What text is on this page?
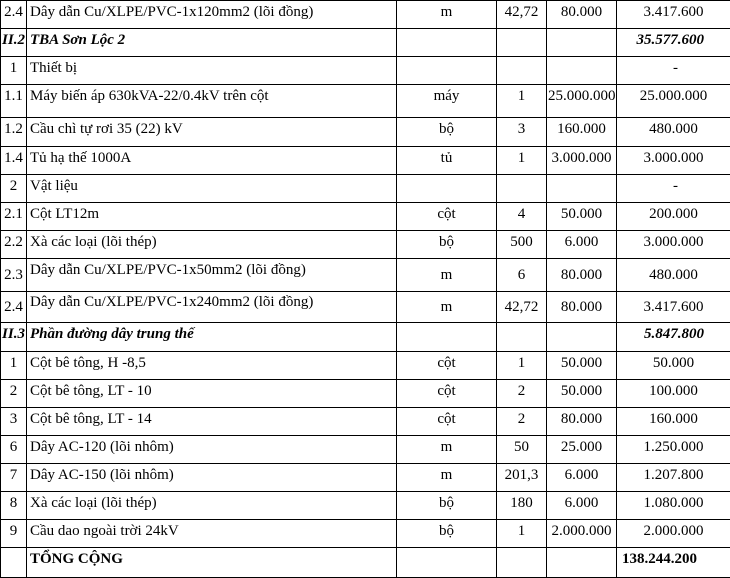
2.4	Dây dẫn Cu/XLPE/PVC-1x120mm2 (lõi đồng)	m	42,72	80.000	3.417.600
II.2	TBA Sơn Lộc 2				35.577.600
1	Thiết bị				-
1.1	Máy biến áp 630kVA-22/0.4kV trên cột	máy	1	25.000.000	25.000.000
1.2	Cầu chì tự rơi 35 (22) kV	bộ	3	160.000	480.000
1.4	Tủ hạ thế 1000A	tủ	1	3.000.000	3.000.000
2	Vật liệu				-
2.1	Cột LT12m	cột	4	50.000	200.000
2.2	Xà các loại (lõi thép)	bộ	500	6.000	3.000.000
2.3	Dây dẫn Cu/XLPE/PVC-1x50mm2 (lõi đồng)	m	6	80.000	480.000
2.4	Dây dẫn Cu/XLPE/PVC-1x240mm2 (lõi đồng)	m	42,72	80.000	3.417.600
II.3	Phần đường dây trung thế				5.847.800
1	Cột bê tông, H -8,5	cột	1	50.000	50.000
2	Cột bê tông, LT - 10	cột	2	50.000	100.000
3	Cột bê tông, LT - 14	cột	2	80.000	160.000
6	Dây AC-120 (lõi nhôm)	m	50	25.000	1.250.000
7	Dây AC-150 (lõi nhôm)	m	201,3	6.000	1.207.800
8	Xà các loại (lõi thép)	bộ	180	6.000	1.080.000
9	Cầu dao ngoài trời 24kV	bộ	1	2.000.000	2.000.000
	TỔNG CỘNG				138.244.200
